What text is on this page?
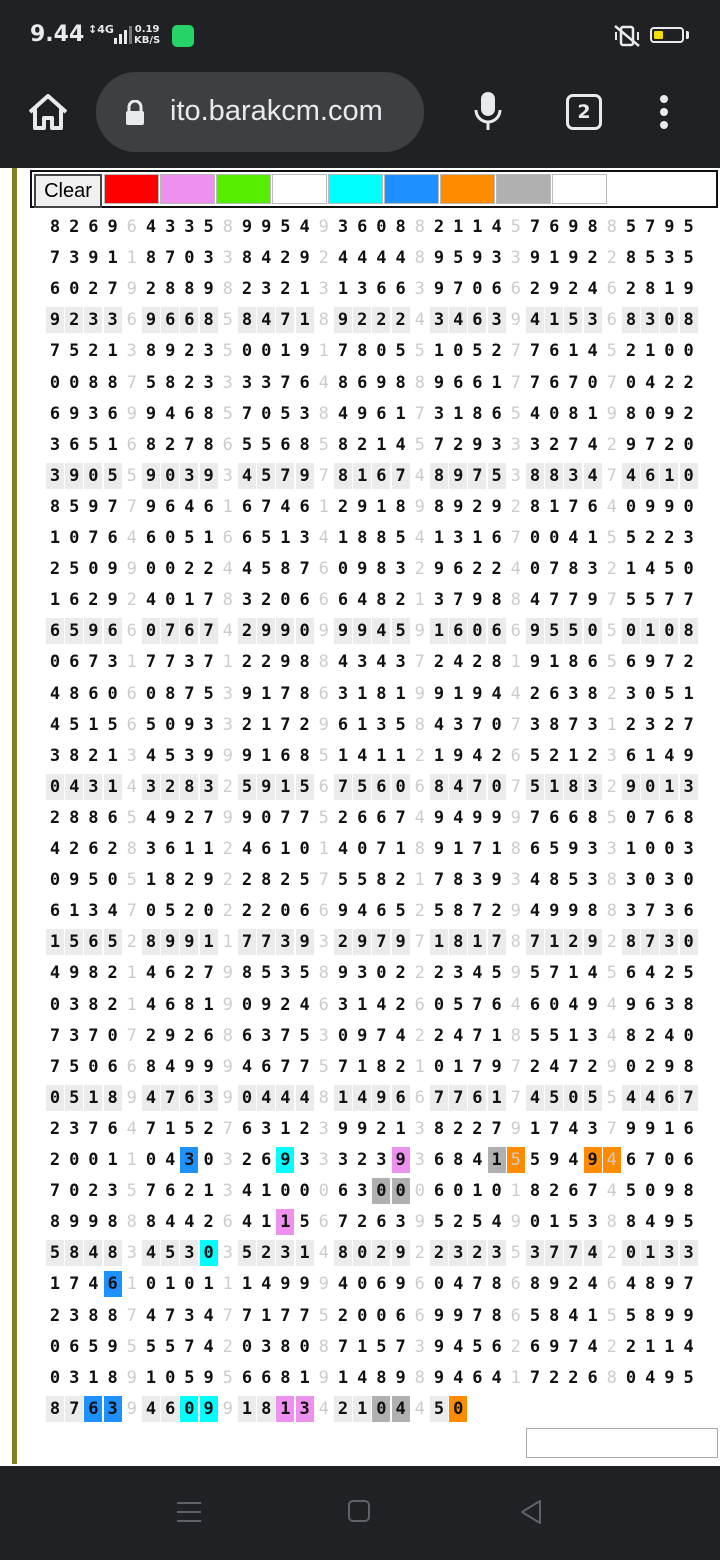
9.44 ↕4G 0.19
KB/S
ito.barakcm.com	2
Clear
8 2 6 9 6 4 3 3 5 8 9 9 5 4 9 3 6 0 8 8 2 1 1 4 5 7 6 9 8 8 5 7 9 5
7 3 9 1 1 8 7 0 3 3 8 4 2 9 2 4 4 4 4 8 9 5 9 3 3 9 1 9 2 2 8 5 3 5
6 0 2 7 9 2 8 8 9 8 2 3 2 1 3 1 3 6 6 3 9 7 0 6 6 2 9 2 4 6 2 8 1 9
9 2 3 3 6 9 6 6 8 5 8 4 7 1 8 9 2 2 2 4 3 4 6 3 9 4 1 5 3 6 8 3 0 8
7 5 2 1 3 8 9 2 3 5 0 0 1 9 1 7 8 0 5 5 1 0 5 2 7 7 6 1 4 5 2 1 0 0
0 0 8 8 7 5 8 2 3 3 3 3 7 6 4 8 6 9 8 8 9 6 6 1 7 7 6 7 0 7 0 4 2 2
6 9 3 6 9 9 4 6 8 5 7 0 5 3 8 4 9 6 1 7 3 1 8 6 5 4 0 8 1 9 8 0 9 2
3 6 5 1 6 8 2 7 8 6 5 5 6 8 5 8 2 1 4 5 7 2 9 3 3 3 2 7 4 2 9 7 2 0
3 9 0 5 5 9 0 3 9 3 4 5 7 9 7 8 1 6 7 4 8 9 7 5 3 8 8 3 4 7 4 6 1 0
8 5 9 7 7 9 6 4 6 1 6 7 4 6 1 2 9 1 8 9 8 9 2 9 2 8 1 7 6 4 0 9 9 0
1 0 7 6 4 6 0 5 1 6 6 5 1 3 4 1 8 8 5 4 1 3 1 6 7 0 0 4 1 5 5 2 2 3
2 5 0 9 9 0 0 2 2 4 4 5 8 7 6 0 9 8 3 2 9 6 2 2 4 0 7 8 3 2 1 4 5 0
1 6 2 9 2 4 0 1 7 8 3 2 0 6 6 6 4 8 2 1 3 7 9 8 8 4 7 7 9 7 5 5 7 7
6 5 9 6 6 0 7 6 7 4 2 9 9 0 9 9 9 4 5 9 1 6 0 6 6 9 5 5 0 5 0 1 0 8
0 6 7 3 1 7 7 3 7 1 2 2 9 8 8 4 3 4 3 7 2 4 2 8 1 9 1 8 6 5 6 9 7 2
4 8 6 0 6 0 8 7 5 3 9 1 7 8 6 3 1 8 1 9 9 1 9 4 4 2 6 3 8 2 3 0 5 1
4 5 1 5 6 5 0 9 3 3 2 1 7 2 9 6 1 3 5 8 4 3 7 0 7 3 8 7 3 1 2 3 2 7
3 8 2 1 3 4 5 3 9 9 9 1 6 8 5 1 4 1 1 2 1 9 4 2 6 5 2 1 2 3 6 1 4 9
0 4 3 1 4 3 2 8 3 2 5 9 1 5 6 7 5 6 0 6 8 4 7 0 7 5 1 8 3 2 9 0 1 3
2 8 8 6 5 4 9 2 7 9 9 0 7 7 5 2 6 6 7 4 9 4 9 9 9 7 6 6 8 5 0 7 6 8
4 2 6 2 8 3 6 1 1 2 4 6 1 0 1 4 0 7 1 8 9 1 7 1 8 6 5 9 3 3 1 0 0 3
0 9 5 0 5 1 8 2 9 2 2 8 2 5 7 5 5 8 2 1 7 8 3 9 3 4 8 5 3 8 3 0 3 0
6 1 3 4 7 0 5 2 0 2 2 2 0 6 6 9 4 6 5 2 5 8 7 2 9 4 9 9 8 8 3 7 3 6
1 5 6 5 2 8 9 9 1 1 7 7 3 9 3 2 9 7 9 7 1 8 1 7 8 7 1 2 9 2 8 7 3 0
4 9 8 2 1 4 6 2 7 9 8 5 3 5 8 9 3 0 2 2 2 3 4 5 9 5 7 1 4 5 6 4 2 5
0 3 8 2 1 4 6 8 1 9 0 9 2 4 6 3 1 4 2 6 0 5 7 6 4 6 0 4 9 4 9 6 3 8
7 3 7 0 7 2 9 2 6 8 6 3 7 5 3 0 9 7 4 2 2 4 7 1 8 5 5 1 3 4 8 2 4 0
7 5 0 6 6 8 4 9 9 9 4 6 7 7 5 7 1 8 2 1 0 1 7 9 7 2 4 7 2 9 0 2 9 8
0 5 1 8 9 4 7 6 3 9 0 4 4 4 8 1 4 9 6 6 7 7 6 1 7 4 5 0 5 5 4 4 6 7
2 3 7 6 4 7 1 5 2 7 6 3 1 2 3 9 9 2 1 3 8 2 2 7 9 1 7 4 3 7 9 9 1 6
2 0 0 1 1 0 4 3 0 3 2 6 9 3 3 3 2 3 9 3 6 8 4 1 5 5 9 4 9 4 6 7 0 6
7 0 2 3 5 7 6 2 1 3 4 1 0 0 0 6 3 0 0 0 6 0 1 0 1 8 2 6 7 4 5 0 9 8
8 9 9 8 8 8 4 4 2 6 4 1 1 5 6 7 2 6 3 9 5 2 5 4 9 0 1 5 3 8 8 4 9 5
5 8 4 8 3 4 5 3 0 3 5 2 3 1 4 8 0 2 9 2 2 3 2 3 5 3 7 7 4 2 0 1 3 3
1 7 4 6 1 0 1 0 1 1 1 4 9 9 9 4 0 6 9 6 0 4 7 8 6 8 9 2 4 6 4 8 9 7
2 3 8 8 7 4 7 3 4 7 7 1 7 7 5 2 0 0 6 6 9 9 7 8 6 5 8 4 1 5 5 8 9 9
0 6 5 9 5 5 5 7 4 2 0 3 8 0 8 7 1 5 7 3 9 4 5 6 2 6 9 7 4 2 2 1 1 4
0 3 1 8 9 1 0 5 9 5 6 6 8 1 9 1 4 8 9 8 9 4 6 4 1 7 2 2 6 8 0 4 9 5
8 7 6 3 9 4 6 0 9 9 1 8 1 3 4 2 1 0 4 4 5 0
